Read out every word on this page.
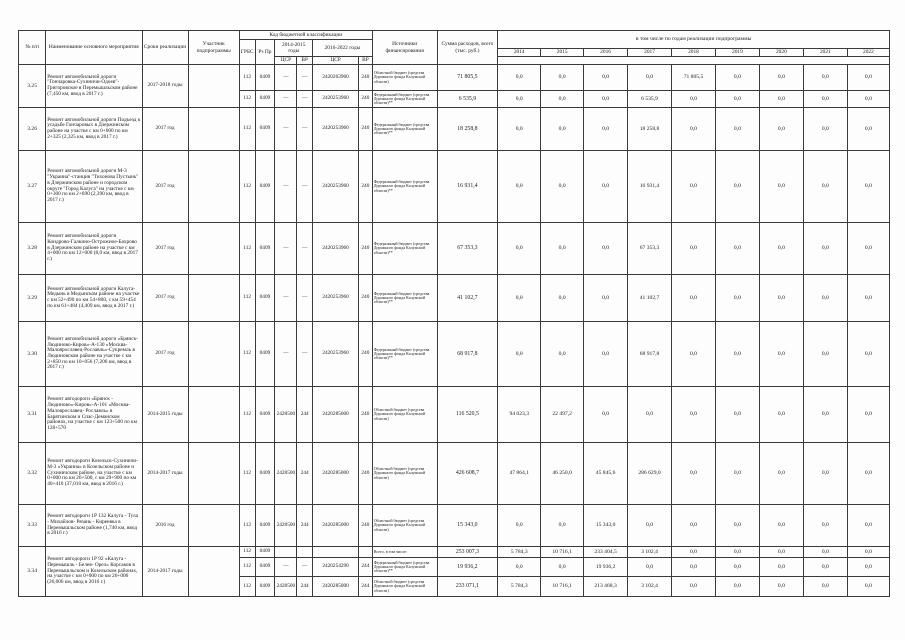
№ п/п	Наименование основного мероприятия	Сроки реализации	Участник подпрограммы	Код бюджетной классификации						Источники финансирования	Сумма расходов, всего (тыс. руб.)	в том числе по годам реализации подпрограммы								
				ГРБС	Рз Пр	2014-2015 годы		2016-2022 годы												
												2014	2015	2016	2017	2018	2019	2020	2021	2022
						ЦСР	ВР	ЦСР	ВР											
3.25	Ремонт автомобильной дороги "Гончаровка-Сухиничи-Одоев"- Григоровское в Перемышльском районе (7,450 км, ввод в 2017 г.)	2017-2018 годы		112	0409	—	—	2420203960	240	Областной бюджет (средства Дорожного фонда Калужской области)	71 805,5	0,0	0,0	0,0	0,0	71 805,5	0,0	0,0	0,0	0,0
				112	0409	—	—	2420253960	240	Федеральный бюджет (средства Дорожного фонда Калужской области)**	6 535,9	0,0	0,0	0,0	6 535,9	0,0	0,0	0,0	0,0	0,0
3.26	Ремонт автомобильной дороги Подъезд к усадьбе Гончаровых в Дзержинском районе на участке с км 0+000 по км 2+325 (2,325 км, ввод в 2017 г.)	2017 год		112	0409	—	—	2420253960	240	Федеральный бюджет (средства Дорожного фонда Калужской области)**	18 258,8	0,0	0,0	0,0	18 258,8	0,0	0,0	0,0	0,0	0,0
3.27	Ремонт автомобильной дороги М-3 "Украина"-станция "Тихонова Пустынь" в Дзержинском районе и городском округе "Город Калуга" на участке с км 0+300 по км 2+690 (2,390 км, ввод в 2017 г.)	2017 год		112	0409	—	—	2420253960	240	Федеральный бюджет (средства Дорожного фонда Калужской области)**	16 931,4	0,0	0,0	0,0	16 931,4	0,0	0,0	0,0	0,0	0,0
3.28	Ремонт автомобильной дороги Кондрово-Галкино-Острожное-Бахрово в Дзержинском районе на участке с км 4+000 по км 12+000 (8,0 км, ввод в 2017 г.)	2017 год		112	0409	—	—	2420253960	240	Федеральный бюджет (средства Дорожного фонда Калужской области)**	67 353,3	0,0	0,0	0,0	67 353,3	0,0	0,0	0,0	0,0	0,0
3.29	Ремонт автомобильной дороги Калуга-Медынь в Медынском районе на участке с км 52+490 по км 54+800, с км 59+454 по км 61+484 (4,409 км, ввод в 2017 г.)	2017 год		112	0409	—	—	2420253960	240	Федеральный бюджет (средства Дорожного фонда Калужской области)**	41 102,7	0,0	0,0	0,0	41 102,7	0,0	0,0	0,0	0,0	0,0
3.30	Ремонт автомобильной дороги «Брянск-Людиново-Киров»-А-130 «Москва-Малоярославец-Рославль»-Сукремль в Людиновском районе на участке с км 2+850 по км 10+056 (7,206 км, ввод в 2017 г.)	2017 год		112	0409	—	—	2420253960	240	Федеральный бюджет (средства Дорожного фонда Калужской области)**	68 917,8	0,0	0,0	0,0	68 917,8	0,0	0,0	0,0	0,0	0,0
3.31	Ремонт автодороги «Брянск - Людиново»-Киров»-А-101 «Москва-Малоярославец- Рославль» в Барятинском и Спас-Деманском районах, на участке с км 123+500 по км 128+570	2014-2015 годы		112	0409	2428500	244	2420285000	240	Областной бюджет (средства Дорожного фонда Калужской области)	116 520,5	94 023,3	22 497,2	0,0	0,0	0,0	0,0	0,0	0,0	0,0
3.32	Ремонт автодороги Козельск-Сухиничи-М-3 «Украина» в Козельском районе и Сухиничском районе, на участке с км 0+000 по км 26+500, с км 29+900 по км 40+410 (37,010 км, ввод в 2016 г.)	2014-2017 годы		112	0409	2428500	244	2420285000	240	Областной бюджет (средства Дорожного фонда Калужской области)	426 608,7	47 864,1	46 250,0	45 845,6	286 629,0	0,0	0,0	0,0	0,0	0,0
3.33	Ремонт автодороги 1Р 132 Калуга - Тула - Михайлов- Рязань - Киреевка в Перемышльском районе (1,740 км, ввод в 2016 г.)	2016 год		112	0409	2428500	244	2420285000	240	Областной бюджет (средства Дорожного фонда Калужской области)	15 343,0	0,0	0,0	15 343,0	0,0	0,0	0,0	0,0	0,0	0,0
3.34	Ремонт автодороги 1Р 92 «Калуга - Перемышль - Белев- Орел» Корсаков в Перемышльском и Козельском районах, на участке с км 0+000 по км 26+006 (26,006 км, ввод в 2016 г.)	2014-2017 годы		112	0409					Всего, в том числе:	253 007,3	5 784,3	10 716,1	233 404,5	3 102,4	0,0	0,0	0,0	0,0	0,0
				112	0409	—	—	2420254290	244	Федеральный бюджет (средства Дорожного фонда Калужской области)**	19 936,2	0,0	0,0	19 936,2	0,0	0,0	0,0	0,0	0,0	0,0
				112	0409	2428500	244	2420285000	244	Областной бюджет (средства Дорожного фонда Калужской области)	233 071,1	5 784,3	10 716,1	213 468,3	3 102,4	0,0	0,0	0,0	0,0	0,0
